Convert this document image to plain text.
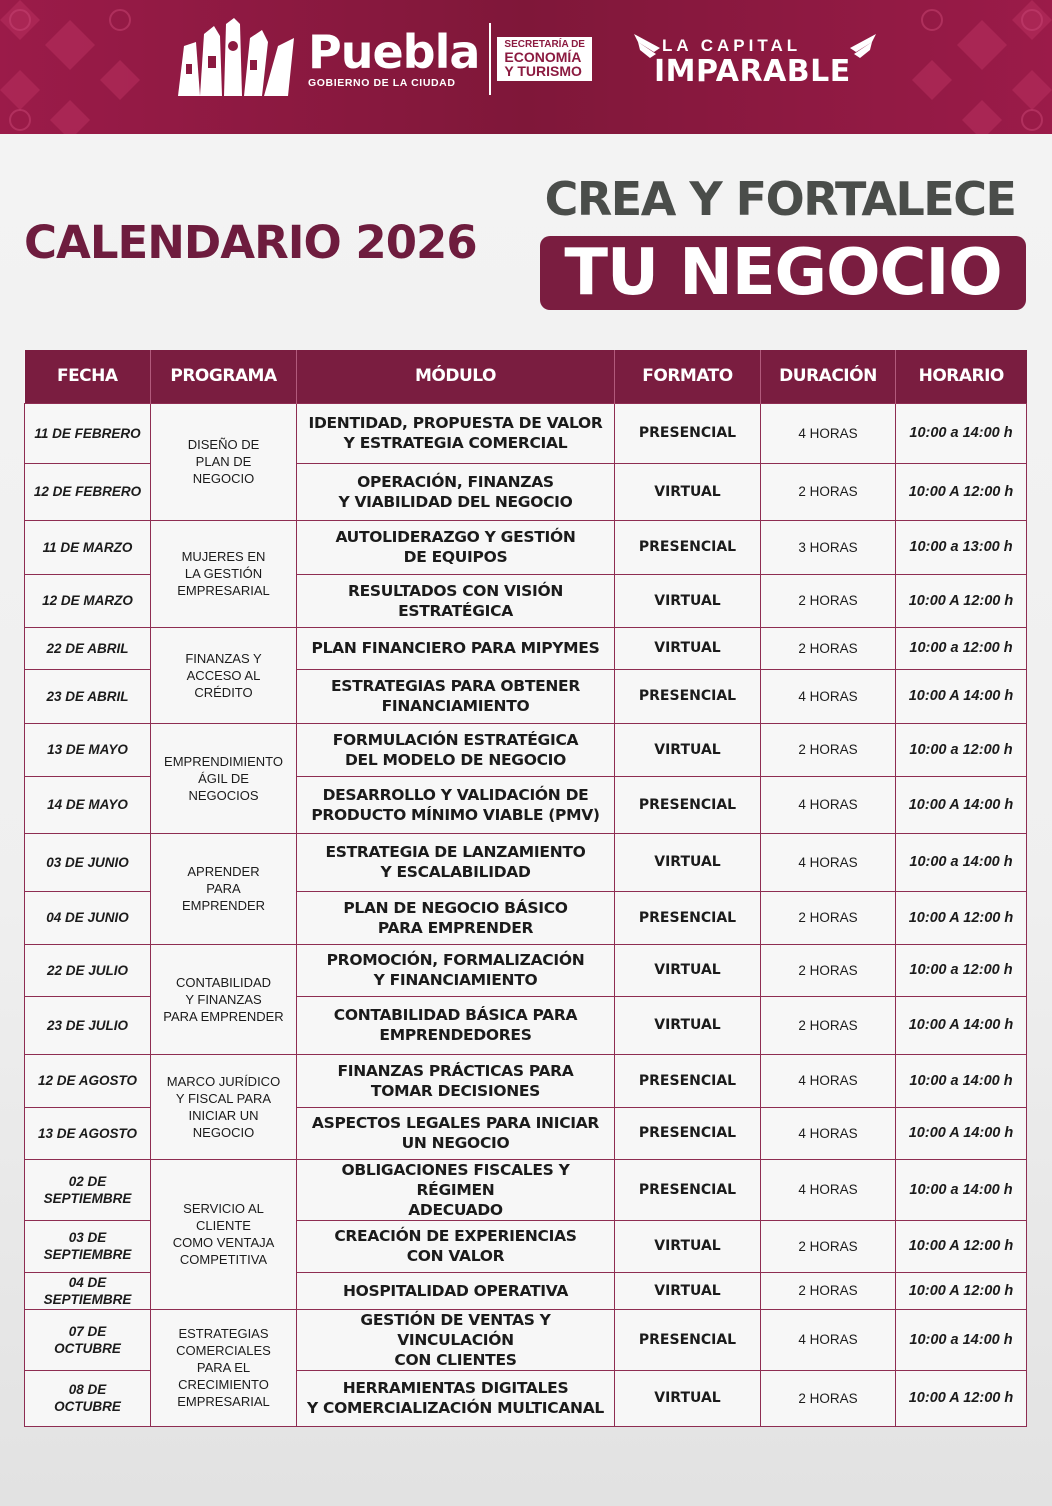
Puebla
GOBIERNO DE LA CIUDAD
SECRETARÍA DE
ECONOMÍA
Y TURISMO
LA CAPITAL
IMPARABLE
CALENDARIO 2026
CREA Y FORTALECE
TU NEGOCIO
FECHA	PROGRAMA	MÓDULO	FORMATO	DURACIÓN	HORARIO
11 DE FEBRERO	DISEÑO DE
PLAN DE
NEGOCIO	IDENTIDAD, PROPUESTA DE VALOR
Y ESTRATEGIA COMERCIAL	PRESENCIAL	4 HORAS	10:00 a 14:00 h
12 DE FEBRERO		OPERACIÓN, FINANZAS
Y VIABILIDAD DEL NEGOCIO	VIRTUAL	2 HORAS	10:00 A 12:00 h
11 DE MARZO	MUJERES EN
LA GESTIÓN
EMPRESARIAL	AUTOLIDERAZGO Y GESTIÓN
DE EQUIPOS	PRESENCIAL	3 HORAS	10:00 a 13:00 h
12 DE MARZO		RESULTADOS CON VISIÓN
ESTRATÉGICA	VIRTUAL	2 HORAS	10:00 A 12:00 h
22 DE ABRIL	FINANZAS Y
ACCESO AL
CRÉDITO	PLAN FINANCIERO PARA MIPYMES	VIRTUAL	2 HORAS	10:00 a 12:00 h
23 DE ABRIL		ESTRATEGIAS PARA OBTENER
FINANCIAMIENTO	PRESENCIAL	4 HORAS	10:00 A 14:00 h
13 DE MAYO	EMPRENDIMIENTO
ÁGIL DE
NEGOCIOS	FORMULACIÓN ESTRATÉGICA
DEL MODELO DE NEGOCIO	VIRTUAL	2 HORAS	10:00 a 12:00 h
14 DE MAYO		DESARROLLO Y VALIDACIÓN DE
PRODUCTO MÍNIMO VIABLE (PMV)	PRESENCIAL	4 HORAS	10:00 A 14:00 h
03 DE JUNIO	APRENDER
PARA
EMPRENDER	ESTRATEGIA DE LANZAMIENTO
Y ESCALABILIDAD	VIRTUAL	4 HORAS	10:00 a 14:00 h
04 DE JUNIO		PLAN DE NEGOCIO BÁSICO
PARA EMPRENDER	PRESENCIAL	2 HORAS	10:00 A 12:00 h
22 DE JULIO	CONTABILIDAD
Y FINANZAS
PARA EMPRENDER	PROMOCIÓN, FORMALIZACIÓN
Y FINANCIAMIENTO	VIRTUAL	2 HORAS	10:00 a 12:00 h
23 DE JULIO		CONTABILIDAD BÁSICA PARA
EMPRENDEDORES	VIRTUAL	2 HORAS	10:00 A 14:00 h
12 DE AGOSTO	MARCO JURÍDICO
Y FISCAL PARA
INICIAR UN
NEGOCIO	FINANZAS PRÁCTICAS PARA
TOMAR DECISIONES	PRESENCIAL	4 HORAS	10:00 a 14:00 h
13 DE AGOSTO		ASPECTOS LEGALES PARA INICIAR
UN NEGOCIO	PRESENCIAL	4 HORAS	10:00 A 14:00 h
02 DE
SEPTIEMBRE	SERVICIO AL
CLIENTE
COMO VENTAJA
COMPETITIVA	OBLIGACIONES FISCALES Y RÉGIMEN
ADECUADO	PRESENCIAL	4 HORAS	10:00 a 14:00 h
03 DE
SEPTIEMBRE		CREACIÓN DE EXPERIENCIAS
CON VALOR	VIRTUAL	2 HORAS	10:00 A 12:00 h
04 DE
SEPTIEMBRE		HOSPITALIDAD OPERATIVA	VIRTUAL	2 HORAS	10:00 A 12:00 h
07 DE
OCTUBRE	ESTRATEGIAS
COMERCIALES
PARA EL
CRECIMIENTO
EMPRESARIAL	GESTIÓN DE VENTAS Y VINCULACIÓN
CON CLIENTES	PRESENCIAL	4 HORAS	10:00 a 14:00 h
08 DE
OCTUBRE		HERRAMIENTAS DIGITALES
Y COMERCIALIZACIÓN MULTICANAL	VIRTUAL	2 HORAS	10:00 A 12:00 h
